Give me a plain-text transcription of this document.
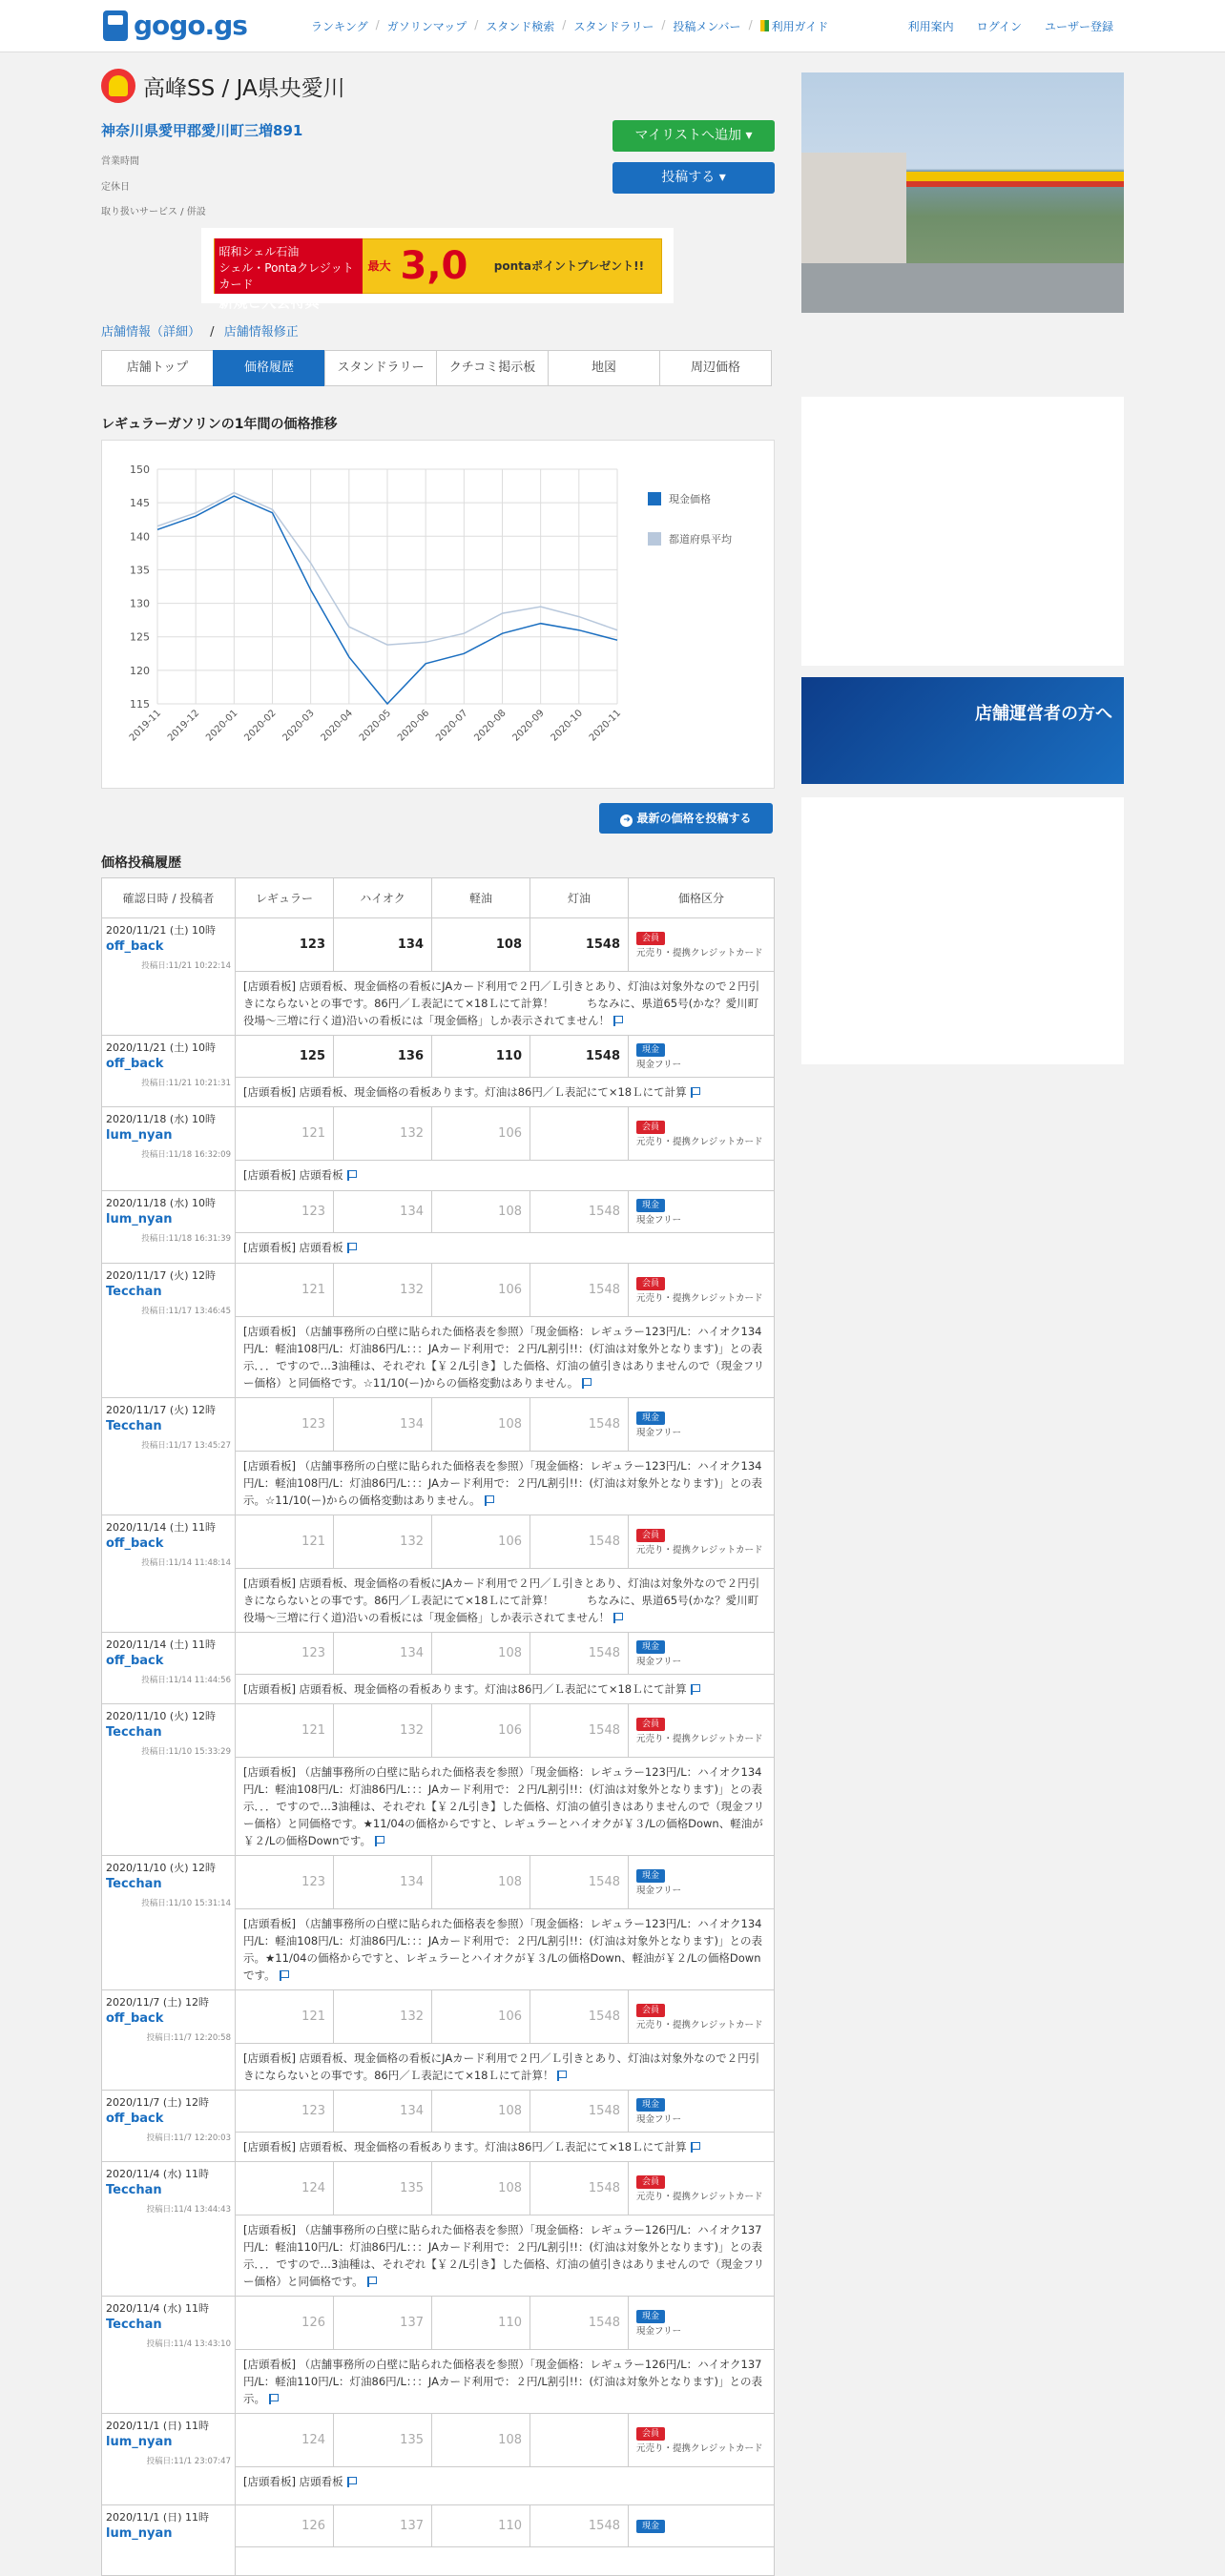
gogo.gs	ランキング / ガソリンマップ / スタンド検索 / スタンドラリー / 投稿メンバー / 利用ガイド	利用案内 ログイン ユーザー登録
高峰SS / JA県央愛川
神奈川県愛甲郡愛川町三増891
営業時間
定休日
取り扱いサービス / 併設
マイリストへ追加 ▾
投稿する ▾
昭和シェル石油
シェル・Pontaクレジットカード
新規ご入会特典
最大 3,0	pontaポイントプレゼント!!
店舗情報（詳細） / 店舗情報修正
店舗トップ	価格履歴	スタンドラリー	クチコミ掲示板	地図	周辺価格
レギュラーガソリンの1年間の価格推移
115
120
125
130
135
140
145
150
2019-11 2019-12 2020-01 2020-02 2020-03 2020-04 2020-05 2020-06 2020-07 2020-08 2020-09 2020-10 2020-11
現金価格
都道府県平均
➜ 最新の価格を投稿する
価格投稿履歴
確認日時 / 投稿者	レギュラー	ハイオク	軽油	灯油	価格区分
2020/11/21 (土) 10時
off_back
投稿日:11/21 10:22:14	123	134	108	1548	会員
元売り・提携クレジットカード

	[店頭看板] 店頭看板、現金価格の看板にJAカード利用で２円／Ｌ引きとあり、灯油は対象外なので２円引きにならないとの事です。86円／Ｌ表記にて×18Ｌにて計算！　　　ちなみに、県道65号(かな？愛川町役場〜三増に行く道)沿いの看板には「現金価格」しか表示されてません！				
2020/11/21 (土) 10時
off_back
投稿日:11/21 10:21:31	125	136	110	1548	現金
現金フリー

	[店頭看板] 店頭看板、現金価格の看板あります。灯油は86円／Ｌ表記にて×18Ｌにて計算				
2020/11/18 (水) 10時
lum_nyan
投稿日:11/18 16:32:09	121	132	106		会員
元売り・提携クレジットカード

	[店頭看板] 店頭看板				
2020/11/18 (水) 10時
lum_nyan
投稿日:11/18 16:31:39	123	134	108	1548	現金
現金フリー

	[店頭看板] 店頭看板				
2020/11/17 (火) 12時
Tecchan
投稿日:11/17 13:46:45	121	132	106	1548	会員
元売り・提携クレジットカード

	[店頭看板] （店舗事務所の白壁に貼られた価格表を参照）「現金価格：レギュラー123円/L：ハイオク134円/L：軽油108円/L：灯油86円/L：：：JAカード利用で：２円/L割引!!：(灯油は対象外となります)」との表示．．．ですので…3油種は、それぞれ【￥２/L引き】した価格、灯油の値引きはありませんので（現金フリー価格）と同価格です。☆11/10(ー)からの価格変動はありません。				
2020/11/17 (火) 12時
Tecchan
投稿日:11/17 13:45:27	123	134	108	1548	現金
現金フリー

	[店頭看板] （店舗事務所の白壁に貼られた価格表を参照）「現金価格：レギュラー123円/L：ハイオク134円/L：軽油108円/L：灯油86円/L：：：JAカード利用で：２円/L割引!!：(灯油は対象外となります)」との表示。☆11/10(ー)からの価格変動はありません。				
2020/11/14 (土) 11時
off_back
投稿日:11/14 11:48:14	121	132	106	1548	会員
元売り・提携クレジットカード

	[店頭看板] 店頭看板、現金価格の看板にJAカード利用で２円／Ｌ引きとあり、灯油は対象外なので２円引きにならないとの事です。86円／Ｌ表記にて×18Ｌにて計算！　　　ちなみに、県道65号(かな？愛川町役場〜三増に行く道)沿いの看板には「現金価格」しか表示されてません！				
2020/11/14 (土) 11時
off_back
投稿日:11/14 11:44:56	123	134	108	1548	現金
現金フリー

	[店頭看板] 店頭看板、現金価格の看板あります。灯油は86円／Ｌ表記にて×18Ｌにて計算				
2020/11/10 (火) 12時
Tecchan
投稿日:11/10 15:33:29	121	132	106	1548	会員
元売り・提携クレジットカード

	[店頭看板] （店舗事務所の白壁に貼られた価格表を参照）「現金価格：レギュラー123円/L：ハイオク134円/L：軽油108円/L：灯油86円/L：：：JAカード利用で：２円/L割引!!：(灯油は対象外となります)」との表示．．．ですので…3油種は、それぞれ【￥２/L引き】した価格、灯油の値引きはありませんので（現金フリー価格）と同価格です。★11/04の価格からですと、レギュラーとハイオクが￥３/Lの価格Down、軽油が￥２/Lの価格Downです。				
2020/11/10 (火) 12時
Tecchan
投稿日:11/10 15:31:14	123	134	108	1548	現金
現金フリー

	[店頭看板] （店舗事務所の白壁に貼られた価格表を参照）「現金価格：レギュラー123円/L：ハイオク134円/L：軽油108円/L：灯油86円/L：：：JAカード利用で：２円/L割引!!：(灯油は対象外となります)」との表示。★11/04の価格からですと、レギュラーとハイオクが￥３/Lの価格Down、軽油が￥２/Lの価格Downです。				
2020/11/7 (土) 12時
off_back
投稿日:11/7 12:20:58	121	132	106	1548	会員
元売り・提携クレジットカード

	[店頭看板] 店頭看板、現金価格の看板にJAカード利用で２円／Ｌ引きとあり、灯油は対象外なので２円引きにならないとの事です。86円／Ｌ表記にて×18Ｌにて計算！				
2020/11/7 (土) 12時
off_back
投稿日:11/7 12:20:03	123	134	108	1548	現金
現金フリー

	[店頭看板] 店頭看板、現金価格の看板あります。灯油は86円／Ｌ表記にて×18Ｌにて計算				
2020/11/4 (水) 11時
Tecchan
投稿日:11/4 13:44:43	124	135	108	1548	会員
元売り・提携クレジットカード

	[店頭看板] （店舗事務所の白壁に貼られた価格表を参照）「現金価格：レギュラー126円/L：ハイオク137円/L：軽油110円/L：灯油86円/L：：：JAカード利用で：２円/L割引!!：(灯油は対象外となります)」との表示．．．ですので…3油種は、それぞれ【￥２/L引き】した価格、灯油の値引きはありませんので（現金フリー価格）と同価格です。				
2020/11/4 (水) 11時
Tecchan
投稿日:11/4 13:43:10	126	137	110	1548	現金
現金フリー

	[店頭看板] （店舗事務所の白壁に貼られた価格表を参照）「現金価格：レギュラー126円/L：ハイオク137円/L：軽油110円/L：灯油86円/L：：：JAカード利用で：２円/L割引!!：(灯油は対象外となります)」との表示。				
2020/11/1 (日) 11時
lum_nyan
投稿日:11/1 23:07:47	124	135	108		会員
元売り・提携クレジットカード

	[店頭看板] 店頭看板				
2020/11/1 (日) 11時
lum_nyan	126	137	110	1548	現金

店舗運営者の方へ
